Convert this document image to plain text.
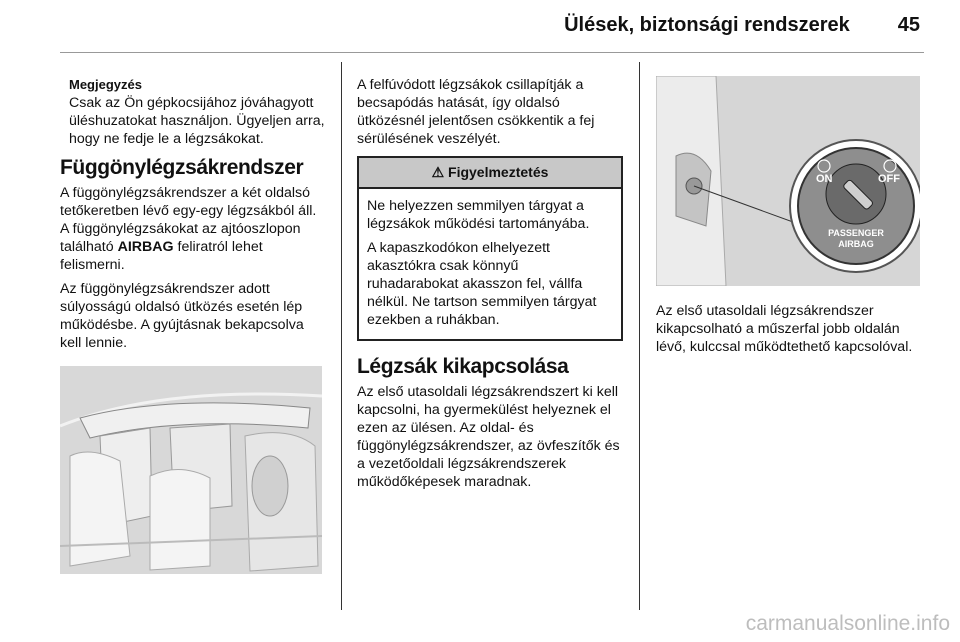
Ülések, biztonsági rendszerek 45
Megjegyzés
Csak az Ön gépkocsijához jóváhagyott üléshuzatokat használjon. Ügyeljen arra, hogy ne fedje le a légzsákokat.
Függönylégzsákrendszer

A függönylégzsákrendszer a két oldalsó tetőkeretben lévő egy-egy légzsákból áll. A függönylégzsákokat az ajtóoszlopon található AIRBAG feliratról lehet felismerni.

Az függönylégzsákrendszer adott súlyosságú oldalsó ütközés esetén lép működésbe. A gyújtásnak bekapcsolva kell lennie.

A felfúvódott légzsákok csillapítják a becsapódás hatását, így oldalsó ütközésnél jelentősen csökkentik a fej sérülésének veszélyét.

⚠ Figyelmeztetés

Ne helyezzen semmilyen tárgyat a légzsákok működési tartományába.

A kapaszkodókon elhelyezett akasztókra csak könnyű ruhadarabokat akasszon fel, vállfa nélkül. Ne tartson semmilyen tárgyat ezekben a ruhákban.

Légzsák kikapcsolása

Az első utasoldali légzsákrendszert ki kell kapcsolni, ha gyermekülést helyeznek el ezen az ülésen. Az oldal- és függönylégzsákrendszer, az övfeszítők és a vezetőoldali légzsákrendszerek működőképesek maradnak.

ON	OFF
PASSENGER
AIRBAG

Az első utasoldali légzsákrendszer kikapcsolható a műszerfal jobb oldalán lévő, kulccsal működtethető kapcsolóval.

carmanualsonline.info
